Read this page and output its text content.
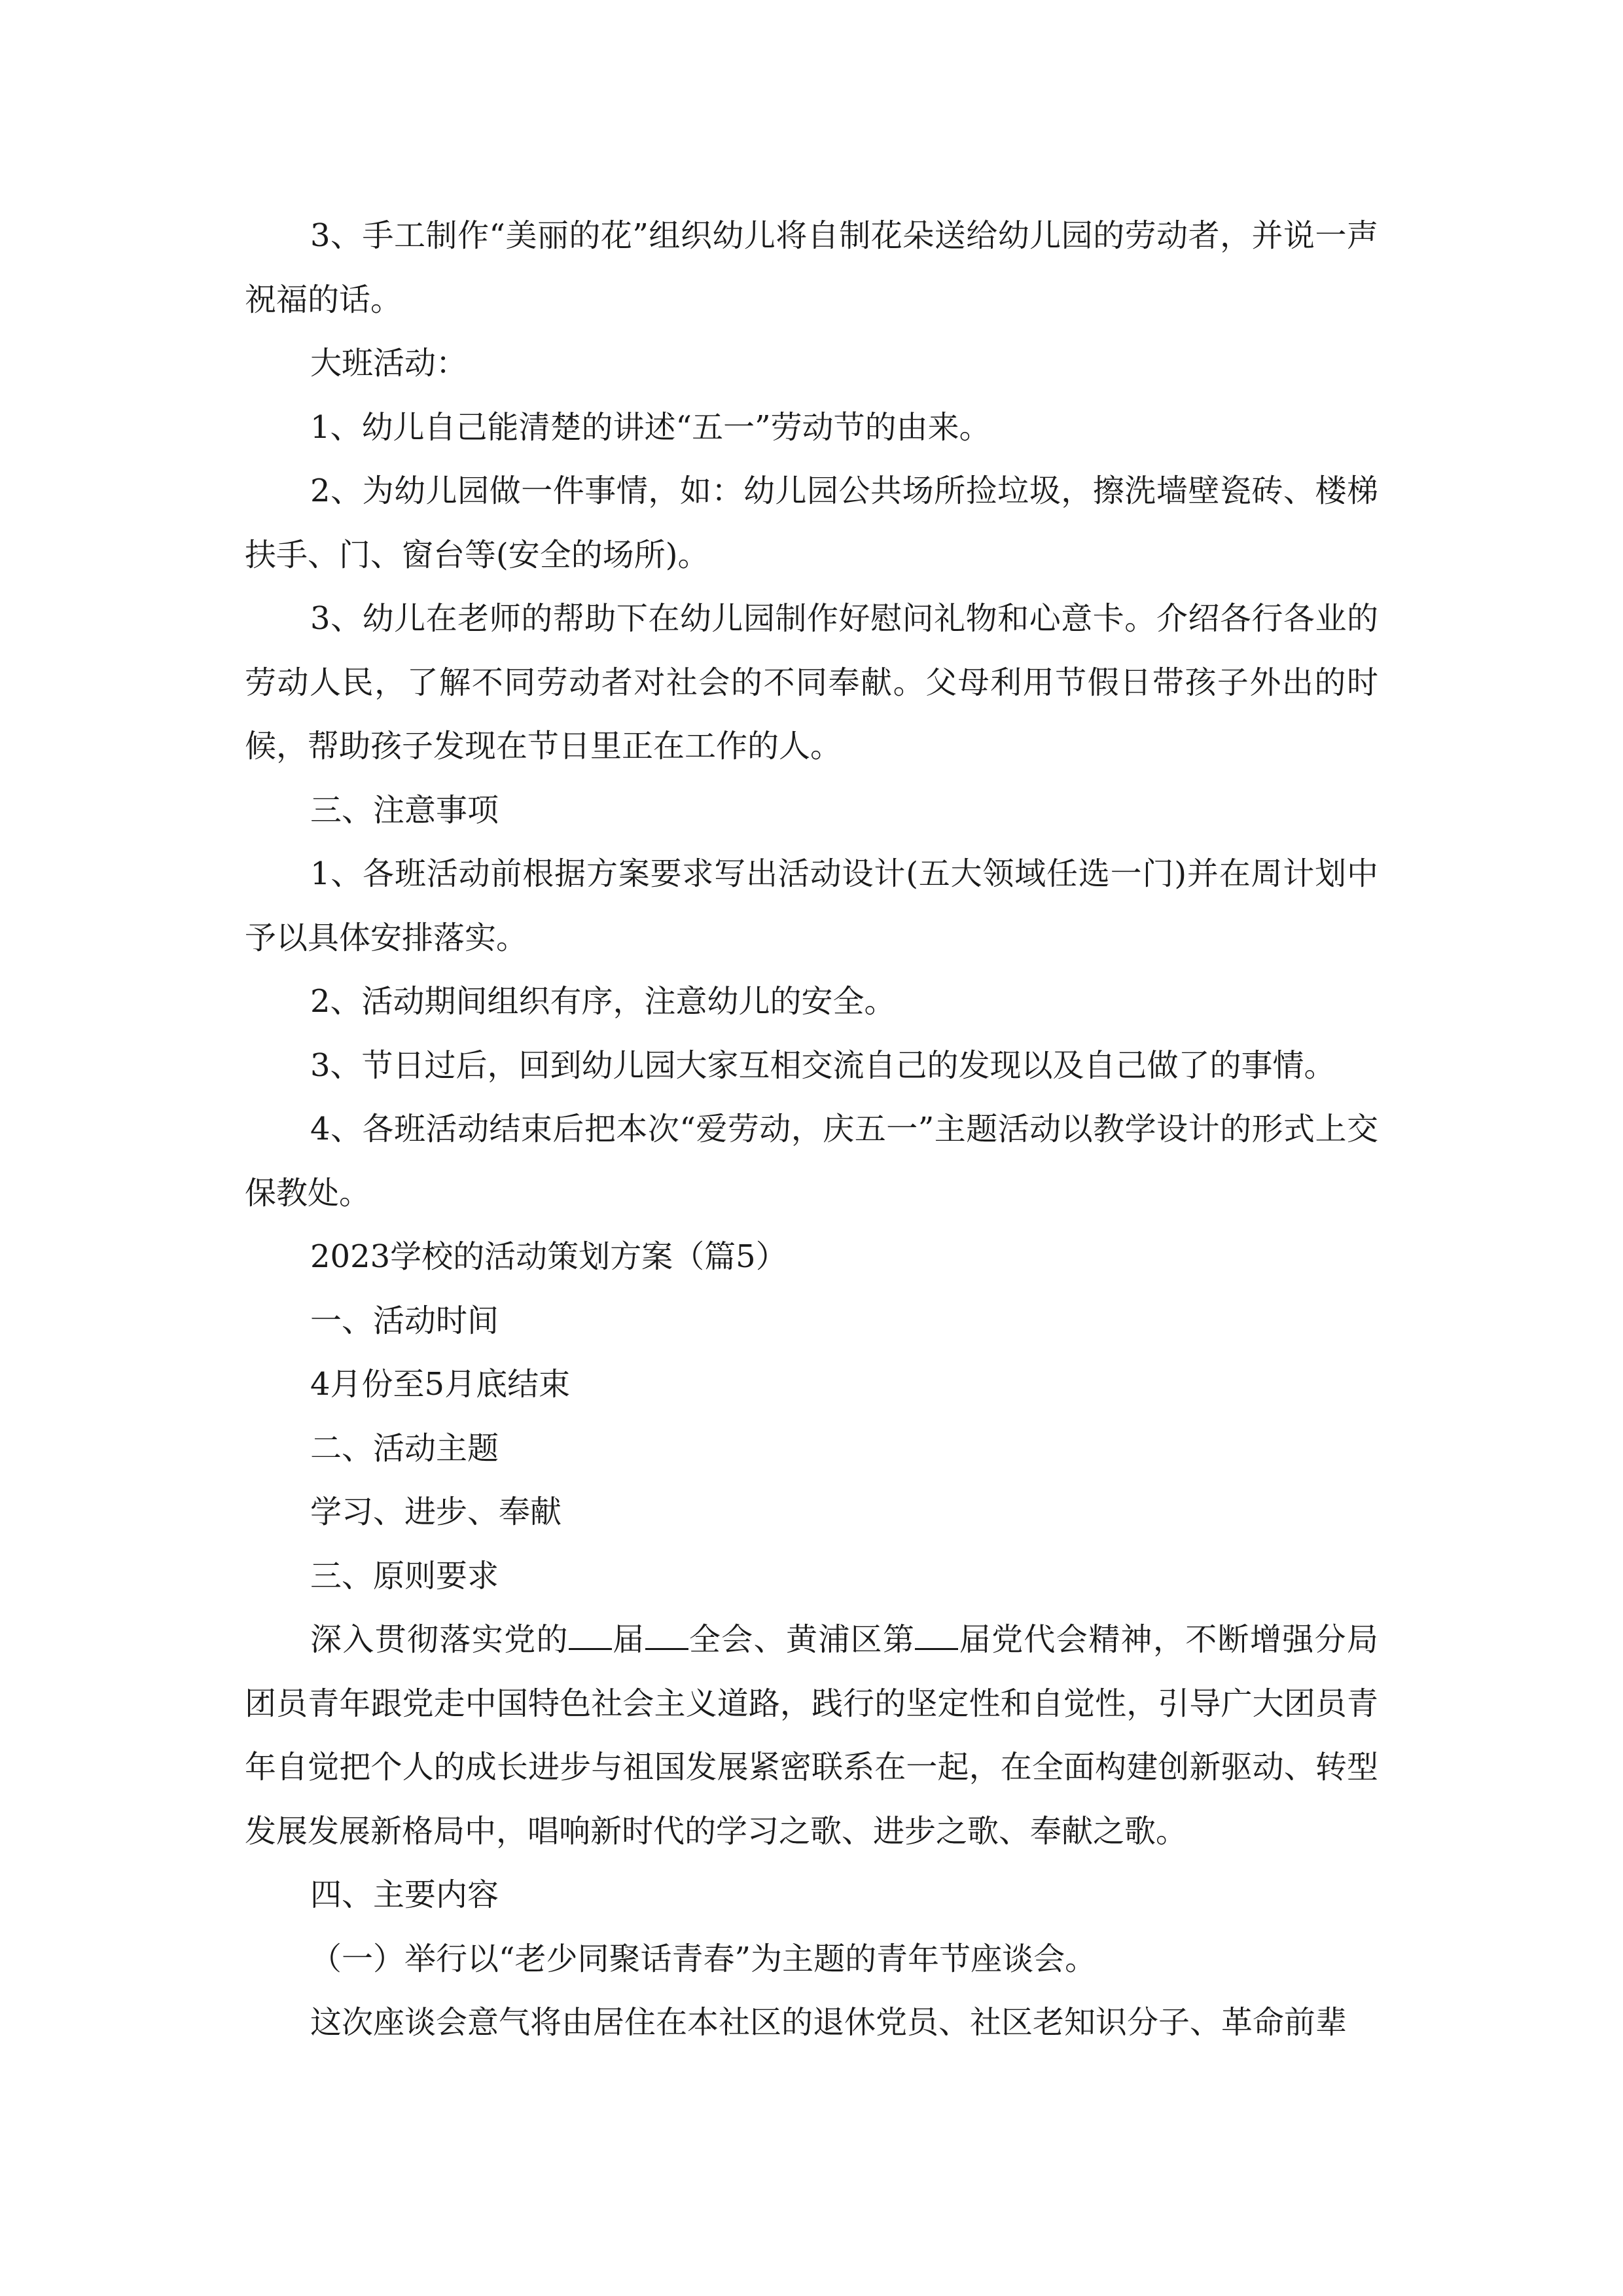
3、手工制作“美丽的花”组织幼儿将自制花朵送给幼儿园的劳动者，并说一声祝福的话。

大班活动：

1、幼儿自己能清楚的讲述“五一”劳动节的由来。

2、为幼儿园做一件事情，如：幼儿园公共场所捡垃圾，擦洗墙壁瓷砖、楼梯扶手、门、窗台等(安全的场所)。

3、幼儿在老师的帮助下在幼儿园制作好慰问礼物和心意卡。介绍各行各业的劳动人民，了解不同劳动者对社会的不同奉献。父母利用节假日带孩子外出的时候，帮助孩子发现在节日里正在工作的人。

三、注意事项

1、各班活动前根据方案要求写出活动设计(五大领域任选一门)并在周计划中予以具体安排落实。

2、活动期间组织有序，注意幼儿的安全。

3、节日过后，回到幼儿园大家互相交流自己的发现以及自己做了的事情。

4、各班活动结束后把本次“爱劳动，庆五一”主题活动以教学设计的形式上交保教处。

2023学校的活动策划方案（篇5）

一、活动时间

4月份至5月底结束

二、活动主题

学习、进步、奉献

三、原则要求

深入贯彻落实党的 届 全会、黄浦区第 届党代会精神，不断增强分局团员青年跟党走中国特色社会主义道路，践行的坚定性和自觉性，引导广大团员青年自觉把个人的成长进步与祖国发展紧密联系在一起，在全面构建创新驱动、转型发展发展新格局中，唱响新时代的学习之歌、进步之歌、奉献之歌。

四、主要内容

（一）举行以“老少同聚话青春”为主题的青年节座谈会。

这次座谈会意气将由居住在本社区的退休党员、社区老知识分子、革命前辈
